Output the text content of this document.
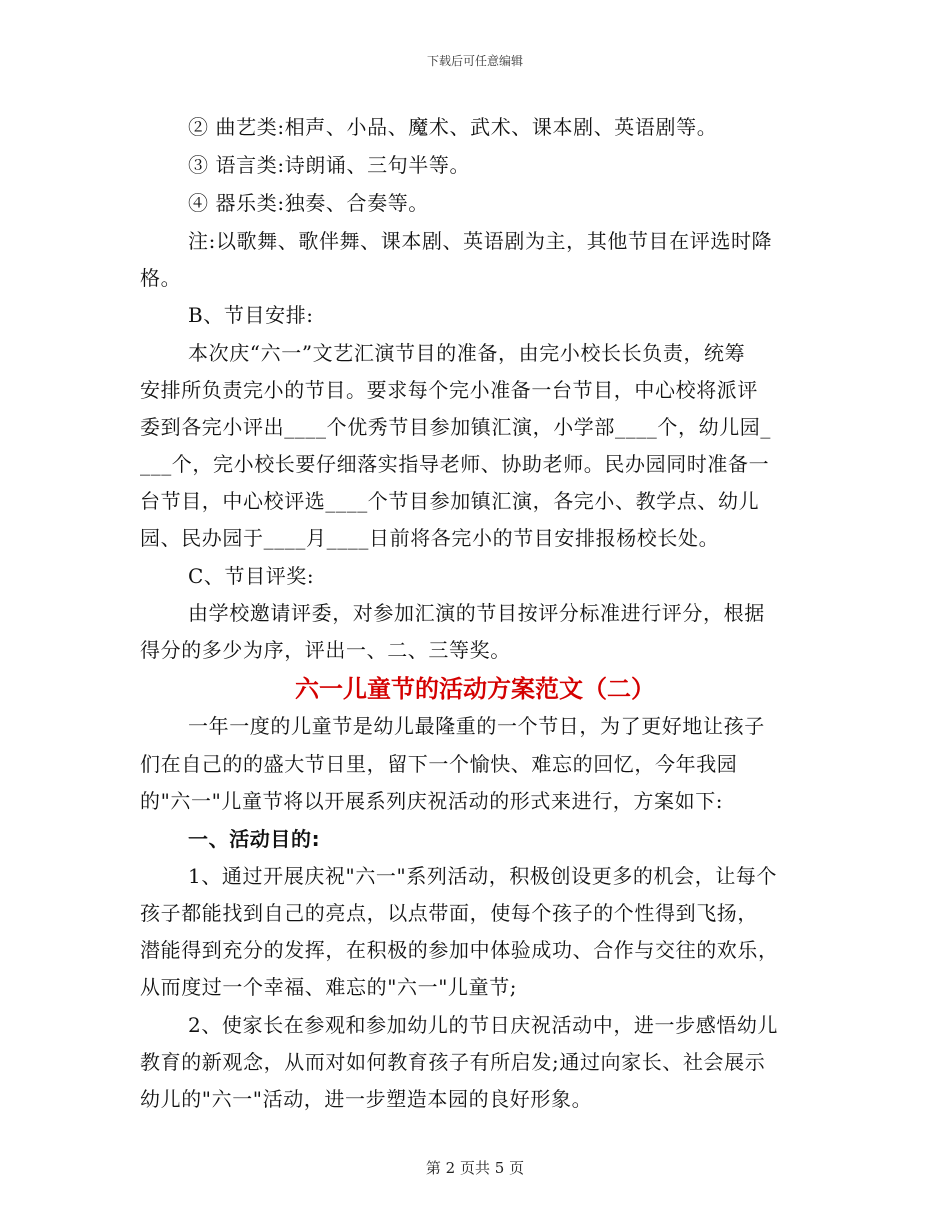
下载后可任意编辑
② 曲艺类:相声、小品、魔术、武术、课本剧、英语剧等。
③ 语言类:诗朗诵、三句半等。
④ 器乐类:独奏、合奏等。
注:以歌舞、歌伴舞、课本剧、英语剧为主，其他节目在评选时降
格。
B、节目安排:
本次庆“六一”文艺汇演节目的准备，由完小校长长负责，统筹
安排所负责完小的节目。要求每个完小准备一台节目，中心校将派评
委到各完小评出____个优秀节目参加镇汇演，小学部____个，幼儿园_
___个，完小校长要仔细落实指导老师、协助老师。民办园同时准备一
台节目，中心校评选____个节目参加镇汇演，各完小、教学点、幼儿
园、民办园于____月____日前将各完小的节目安排报杨校长处。
C、节目评奖:
由学校邀请评委，对参加汇演的节目按评分标准进行评分，根据
得分的多少为序，评出一、二、三等奖。
六一儿童节的活动方案范文（二）
一年一度的儿童节是幼儿最隆重的一个节日，为了更好地让孩子
们在自己的的盛大节日里，留下一个愉快、难忘的回忆，今年我园
的"六一"儿童节将以开展系列庆祝活动的形式来进行，方案如下:
一、活动目的:
1、通过开展庆祝"六一"系列活动，积极创设更多的机会，让每个
孩子都能找到自己的亮点，以点带面，使每个孩子的个性得到飞扬，
潜能得到充分的发挥，在积极的参加中体验成功、合作与交往的欢乐，
从而度过一个幸福、难忘的"六一"儿童节;
2、使家长在参观和参加幼儿的节日庆祝活动中，进一步感悟幼儿
教育的新观念，从而对如何教育孩子有所启发;通过向家长、社会展示
幼儿的"六一"活动，进一步塑造本园的良好形象。
第 2 页共 5 页
